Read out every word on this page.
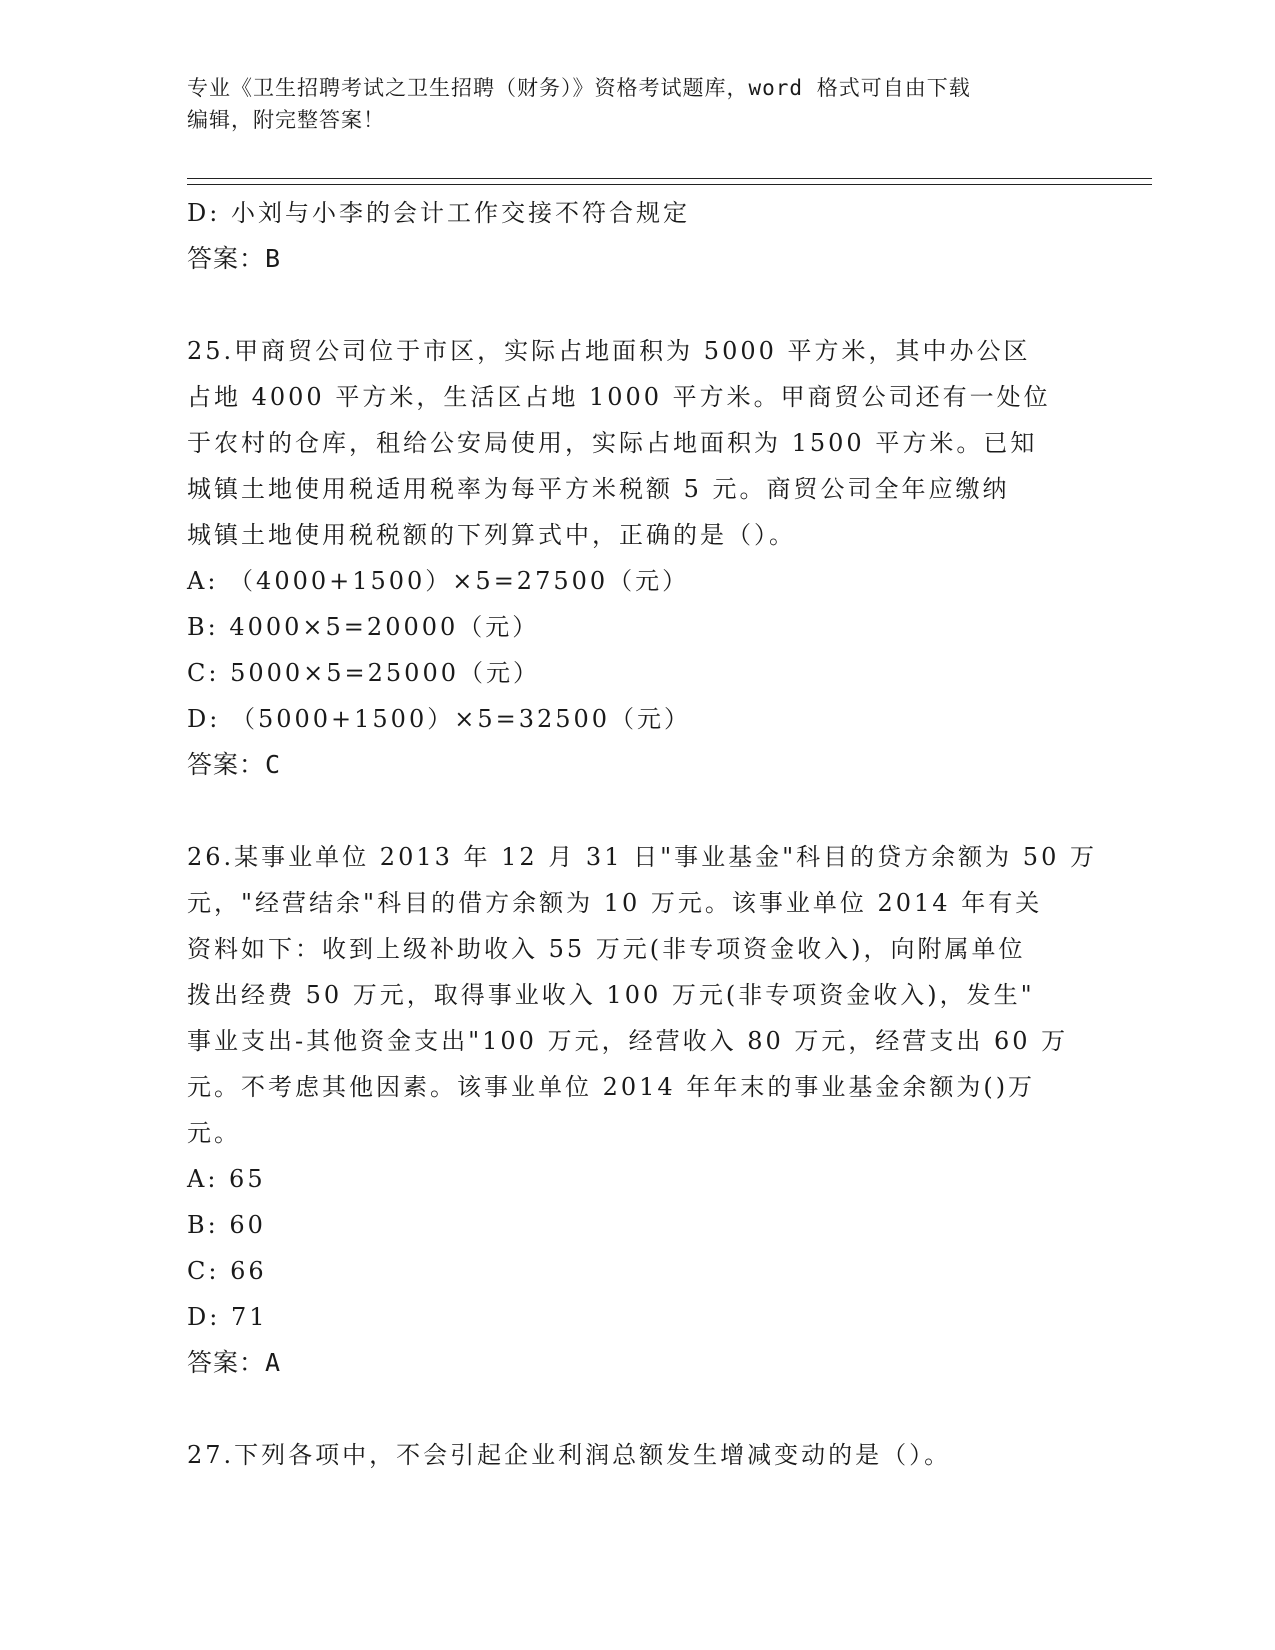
专业《卫生招聘考试之卫生招聘（财务）》资格考试题库，word 格式可自由下载
编辑，附完整答案！
D: 小刘与小李的会计工作交接不符合规定
答案：B
25.甲商贸公司位于市区，实际占地面积为 5000 平方米，其中办公区
占地 4000 平方米，生活区占地 1000 平方米。甲商贸公司还有一处位
于农村的仓库，租给公安局使用，实际占地面积为 1500 平方米。已知
城镇土地使用税适用税率为每平方米税额 5 元。商贸公司全年应缴纳
城镇土地使用税税额的下列算式中，正确的是（）。
A: （4000+1500）×5=27500（元）
B: 4000×5=20000（元）
C: 5000×5=25000（元）
D: （5000+1500）×5=32500（元）
答案：C
26.某事业单位 2013 年 12 月 31 日"事业基金"科目的贷方余额为 50 万
元，"经营结余"科目的借方余额为 10 万元。该事业单位 2014 年有关
资料如下：收到上级补助收入 55 万元(非专项资金收入)，向附属单位
拨出经费 50 万元，取得事业收入 100 万元(非专项资金收入)，发生"
事业支出-其他资金支出"100 万元，经营收入 80 万元，经营支出 60 万
元。不考虑其他因素。该事业单位 2014 年年末的事业基金余额为()万
元。
A: 65
B: 60
C: 66
D: 71
答案：A
27.下列各项中，不会引起企业利润总额发生增减变动的是（）。
